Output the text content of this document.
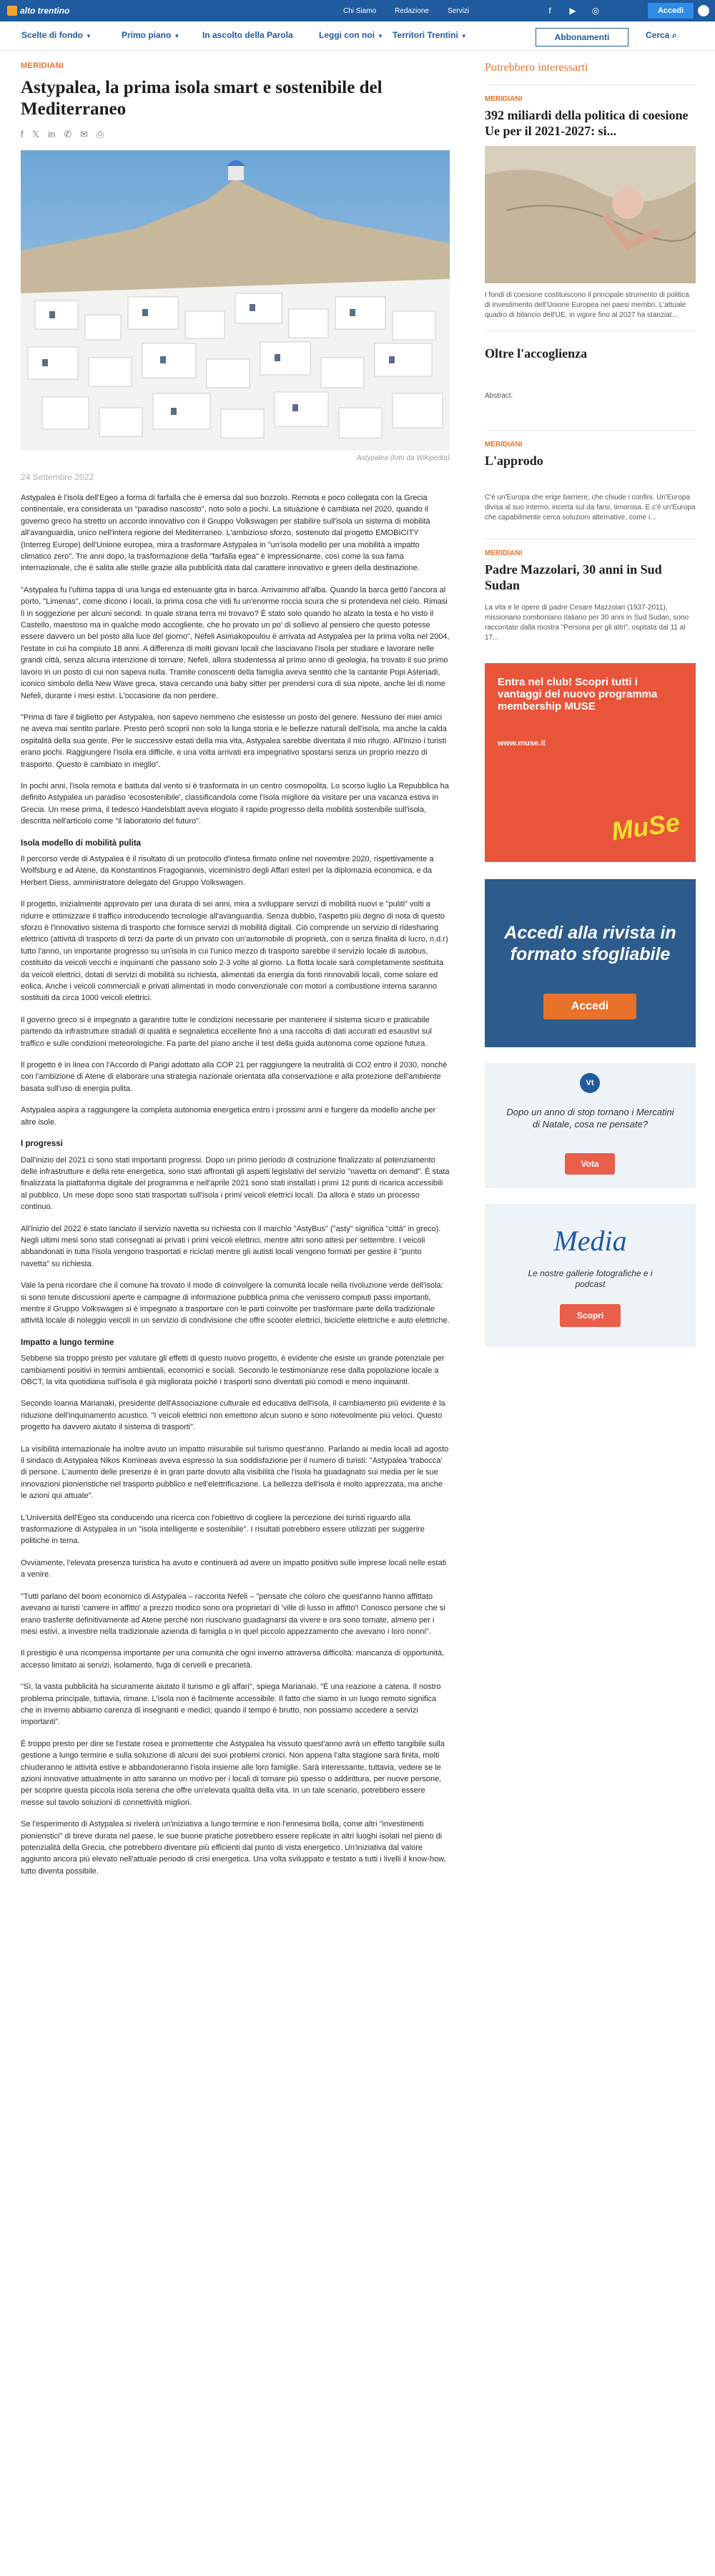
alto trentino	Chi Siamo	Redazione	Servizi	f	▶ ◎	Accedi
Scelte di fondo ▼	Primo piano ▼	In ascolto della Parola	Leggi con noi ▼ Territori Trentini ▼	Abbonamenti	Cerca ⌕
MERIDIANI
Astypalea, la prima isola smart e sostenibile del Mediterraneo
f 𝕏 in ✆ ✉ ⎙
Astypalea (foto da Wikipedia)
24 Settembre 2022

Astypalea è l'isola dell'Egeo a forma di farfalla che è emersa dal suo bozzolo. Remota e poco collegata con la Grecia continentale, era considerata un "paradiso nascosto", noto solo a pochi. La situazione è cambiata nel 2020, quando il governo greco ha stretto un accordo innovativo con il Gruppo Volkswagen per stabilire sull'isola un sistema di mobilità all'avanguardia, unico nell'intera regione del Mediterraneo. L'ambizioso sforzo, sostenuto dal progetto EMOBICITY (Interreg Europe) dell'Unione europea, mira a trasformare Astypalea in "un'isola modello per una mobilità a impatto climatico zero". Tre anni dopo, la trasformazione della "farfalla egea" è impressionante, così come la sua fama internazionale, che è salita alle stelle grazie alla pubblicità data dal carattere innovativo e green della destinazione.

"Astypalea fu l'ultima tappa di una lunga ed estenuante gita in barca. Arrivammo all'alba. Quando la barca gettò l'ancora al porto, "Limenas", come dicono i locali, la prima cosa che vidi fu un'enorme roccia scura che si protendeva nel cielo. Rimasi lì in soggezione per alcuni secondi. In quale strana terra mi trovavo? È stato solo quando ho alzato la testa e ho visto il Castello, maestoso ma in qualche modo accogliente, che ho provato un po' di sollievo al pensiero che questo potesse essere davvero un bel posto alla luce del giorno", Nefeli Asimakopoulou è arrivata ad Astypalea per la prima volta nel 2004, l'estate in cui ha compiuto 18 anni. A differenza di molti giovani locali che lasciavano l'isola per studiare e lavorare nelle grandi città, senza alcuna intenzione di tornare, Nefeli, allora studentessa al primo anno di geologia, ha trovato il suo primo lavoro in un posto di cui non sapeva nulla. Tramite conoscenti della famiglia aveva sentito che la cantante Popi Asteriadi, iconico simbolo della New Wave greca, stava cercando una baby sitter per prendersi cura di sua nipote, anche lei di nome Nefeli, durante i mesi estivi. L'occasione da non perdere.

"Prima di fare il biglietto per Astypalea, non sapevo nemmeno che esistesse un posto del genere. Nessuno dei miei amici ne aveva mai sentito parlare. Presto però scoprii non solo la lunga storia e le bellezze naturali dell'isola, ma anche la calda ospitalità della sua gente. Per le successive estati della mia vita, Astypalea sarebbe diventata il mio rifugio. All'inizio i turisti erano pochi. Raggiungere l'isola era difficile, e una volta arrivati era impegnativo spostarsi senza un proprio mezzo di trasporto. Questo è cambiato in meglio".

In pochi anni, l'isola remota e battuta dal vento si è trasformata in un centro cosmopolita. Lo scorso luglio La Repubblica ha definito Astypalea un paradiso 'ecosostenibile', classificandola come l'isola migliore da visitare per una vacanza estiva in Grecia. Un mese prima, il tedesco Handelsblatt aveva elogiato il rapido progresso della mobilità sostenibile sull'isola, descritta nell'articolo come "il laboratorio del futuro".

Isola modello di mobilità pulita

Il percorso verde di Astypalea è il risultato di un protocollo d'intesa firmato online nel novembre 2020, rispettivamente a Wolfsburg e ad Atene, da Konstantinos Fragogiannis, viceministro degli Affari esteri per la diplomazia economica, e da Herbert Diess, amministratore delegato del Gruppo Volkswagen.

Il progetto, inizialmente approvato per una durata di sei anni, mira a sviluppare servizi di mobilità nuovi e "puliti" volti a ridurre e ottimizzare il traffico introducendo tecnologie all'avanguardia. Senza dubbio, l'aspetto più degno di nota di questo sforzo è l'innovativo sistema di trasporto che fornisce servizi di mobilità digitali. Ciò comprende un servizio di ridesharing elettrico (attività di trasporto di terzi da parte di un privato con un'automobile di proprietà, con o senza finalità di lucro, n.d.r) tutto l'anno, un importante progresso su un'isola in cui l'unico mezzo di trasporto sarebbe il servizio locale di autobus, costituito da veicoli vecchi e inquinanti che passano solo 2-3 volte al giorno. La flotta locale sarà completamente sostituita da veicoli elettrici, dotati di servizi di mobilità su richiesta, alimentati da energia da fonti rinnovabili locali, come solare ed eolica. Anche i veicoli commerciali e privati alimentati in modo convenzionale con motori a combustione interna saranno sostituiti da circa 1000 veicoli elettrici.

Il governo greco si è impegnato a garantire tutte le condizioni necessarie per mantenere il sistema sicuro e praticabile partendo da infrastrutture stradali di qualità e segnaletica eccellente fino a una raccolta di dati accurati ed esaustivi sul traffico e sulle condizioni meteorologiche. Fa parte del piano anche il test della guida autonoma come opzione futura.

Il progetto è in linea con l'Accordo di Parigi adottato alla COP 21 per raggiungere la neutralità di CO2 entro il 2030, nonché con l'ambizione di Atene di elaborare una strategia nazionale orientata alla conservazione e alla protezione dell'ambiente basata sull'uso di energia pulita.

Astypalea aspira a raggiungere la completa autonomia energetica entro i prossimi anni e fungere da modello anche per altre isole.

I progressi

Dall'inizio del 2021 ci sono stati importanti progressi. Dopo un primo periodo di costruzione finalizzato al potenziamento delle infrastrutture e della rete energetica, sono stati affrontati gli aspetti legislativi del servizio "navetta on demand". È stata finalizzata la piattaforma digitale del programma e nell'aprile 2021 sono stati installati i primi 12 punti di ricarica accessibili al pubblico. Un mese dopo sono stati trasportati sull'isola i primi veicoli elettrici locali. Da allora è stato un processo continuo.

All'inizio del 2022 è stato lanciato il servizio navetta su richiesta con il marchio "AstyBus" ("asty" significa "città" in greco). Negli ultimi mesi sono stati consegnati ai privati i primi veicoli elettrici, mentre altri sono attesi per settembre. I veicoli abbandonati in tutta l'isola vengono trasportati e riciclati mentre gli autisti locali vengono formati per gestire il "punto navetta" su richiesta.

Vale la pena ricordare che il comune ha trovato il modo di coinvolgere la comunità locale nella rivoluzione verde dell'isola: si sono tenute discussioni aperte e campagne di informazione pubblica prima che venissero compiuti passi importanti, mentre il Gruppo Volkswagen si è impegnato a trasportare con le parti coinvolte per trasformare parte della tradizionale attività locale di noleggio veicoli in un servizio di condivisione che offre scooter elettrici, biciclette elettriche e auto elettriche.

Impatto a lungo termine

Sebbene sia troppo presto per valutare gli effetti di questo nuovo progetto, è evidente che esiste un grande potenziale per cambiamenti positivi in termini ambientali, economici e sociali. Secondo le testimonianze rese dalla popolazione locale a OBCT, la vita quotidiana sull'isola è già migliorata poiché i trasporti sono diventati più comodi e meno inquinanti.

Secondo Ioanna Marianaki, presidente dell'Associazione culturale ed educativa dell'isola, il cambiamento più evidente è la riduzione dell'inquinamento acustico. "I veicoli elettrici non emettono alcun suono e sono notevolmente più veloci. Questo progetto ha davvero aiutato il sistema di trasporti".

La visibilità internazionale ha inoltre avuto un impatto misurabile sul turismo quest'anno. Parlando ai media locali ad agosto il sindaco di Astypalea Nikos Komineas aveva espresso la sua soddisfazione per il numero di turisti: "Astypalea 'trabocca' di persone. L'aumento delle presenze è in gran parte dovuto alla visibilità che l'isola ha guadagnato sui media per le sue innovazioni pionieristiche nel trasporto pubblico e nell'elettrificazione. La bellezza dell'isola è molto apprezzata, ma anche le azioni qui attuate".

L'Università dell'Egeo sta conducendo una ricerca con l'obiettivo di cogliere la percezione dei turisti riguardo alla trasformazione di Astypalea in un "isola intelligente e sostenibile". I risultati potrebbero essere utilizzati per suggerire politiche in tema.

Ovviamente, l'elevata presenza turistica ha avuto e continuerà ad avere un impatto positivo sulle imprese locali nelle estati a venire.

"Tutti parlano del boom economico di Astypalea – racconta Nefeli – "pensate che coloro che quest'anno hanno affittato avevano ai turisti 'camere in affitto' a prezzo modico sono ora proprietari di 'ville di lusso in affitto'! Conosco persone che si erano trasferite definitivamente ad Atene perché non riuscivano guadagnarsi da vivere e ora sono tornate, almeno per i mesi estivi, a investire nella tradizionale azienda di famiglia o in quel piccolo appezzamento che avevano i loro nonni".

Il prestigio è una ricompensa importante per una comunità che ogni inverno attraversa difficoltà: mancanza di opportunità, accesso limitato ai servizi, isolamento, fuga di cervelli e precarietà.

"Sì, la vasta pubblicità ha sicuramente aiutato il turismo e gli affari", spiega Marianaki. "È una reazione a catena. Il nostro problema principale, tuttavia, rimane. L'isola non è facilmente accessibile. Il fatto che siamo in un luogo remoto significa che in inverno abbiamo carenza di insegnanti e medici; quando il tempo è brutto, non possiamo accedere a servizi importanti".

È troppo presto per dire se l'estate rosea e promettente che Astypalea ha vissuto quest'anno avrà un effetto tangibile sulla gestione a lungo termine e sulla soluzione di alcuni dei suoi problemi cronici. Non appena l'alta stagione sarà finita, molti chiuderanno le attività estive e abbandoneranno l'isola insieme alle loro famiglie. Sarà interessante, tuttavia, vedere se le azioni innovative attualmente in atto saranno un motivo per i locali di tornare più spesso o addirittura, per nuove persone, per scoprire questa piccola isola serena che offre un'elevata qualità della vita. In un tale scenario, potrebbero essere messe sul tavolo soluzioni di connettività migliori.

Se l'esperimento di Astypalea si rivelerà un'iniziativa a lungo termine e non l'ennesima bolla, come altri "investimenti pionieristici" di breve durata nel paese, le sue buone pratiche potrebbero essere replicate in altri luoghi isolati nel pieno di potenzialità della Grecia, che potrebbero diventare più efficienti dal punto di vista energetico. Un'iniziativa dal valore aggiunto ancora più elevato nell'attuale periodo di crisi energetica. Una volta sviluppato e testato a tutti i livelli il know-how, tutto diventa possibile.

Potrebbero interessarti
MERIDIANI
392 miliardi della politica di coesione Ue per il 2021-2027: si...
I fondi di coesione costituiscono il principale strumento di politica di investimento dell'Unione Europea nei paesi membri. L'attuale quadro di bilancio dell'UE, in vigore fino al 2027 ha stanziat...
Oltre l'accoglienza
Abstract.
MERIDIANI
L'approdo
C'è un'Europa che erige barriere, che chiude i confini. Un'Europa divisa al suo interno, incerta sul da farsi, timorosa. E c'è un'Europa che capabilmente cerca soluzioni alternative, come i...
MERIDIANI
Padre Mazzolari, 30 anni in Sud Sudan
La vita e le opere di padre Cesare Mazzolari (1937-2011), missionario comboniano italiano per 30 anni in Sud Sudan, sono raccontate dalla mostra "Persona per gli altri", ospitata dal 11 al 17...
Entra nel club! Scopri tutti i vantaggi del nuovo programma membership MUSE
www.muse.it
MuSe
Accedi alla rivista in formato sfogliabile
Accedi
Vt
Dopo un anno di stop tornano i Mercatini di Natale, cosa ne pensate?
Vota
Media
Le nostre gallerie fotografiche e i podcast
Scopri
